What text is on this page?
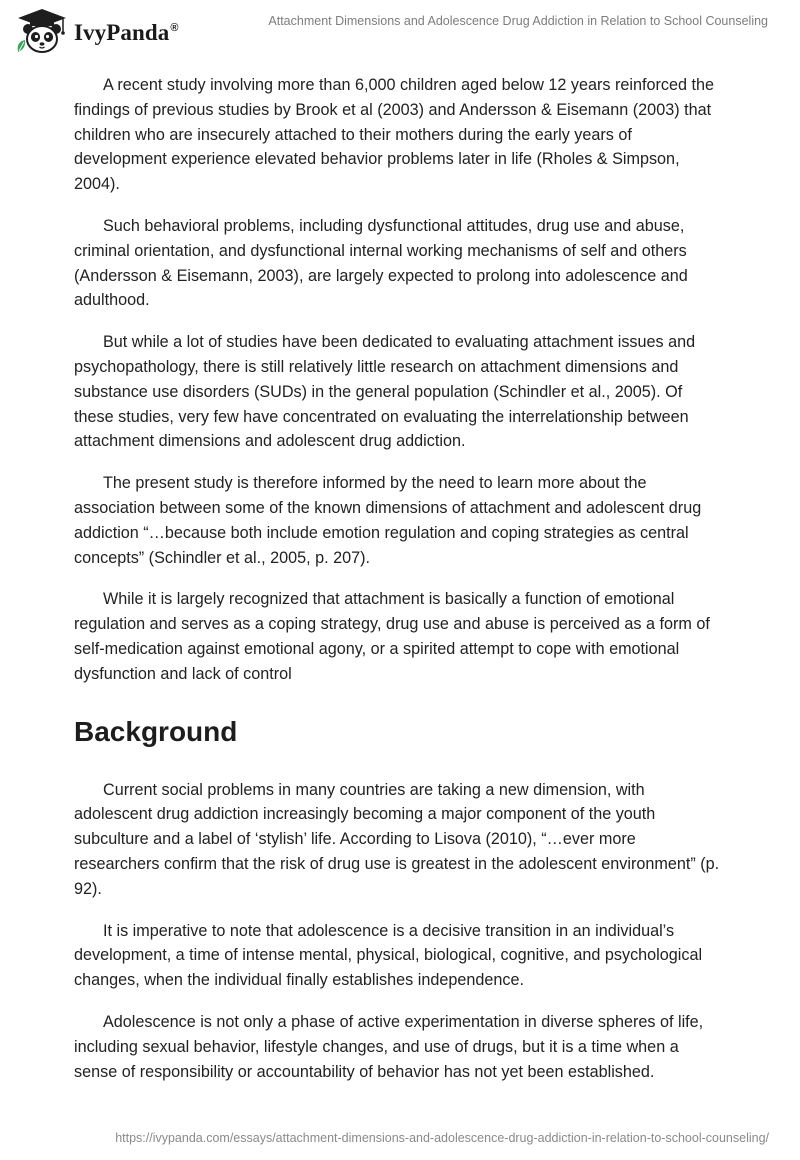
IvyPanda®
Attachment Dimensions and Adolescence Drug Addiction in Relation to School Counseling

A recent study involving more than 6,000 children aged below 12 years reinforced the findings of previous studies by Brook et al (2003) and Andersson & Eisemann (2003) that children who are insecurely attached to their mothers during the early years of development experience elevated behavior problems later in life (Rholes & Simpson, 2004).

Such behavioral problems, including dysfunctional attitudes, drug use and abuse, criminal orientation, and dysfunctional internal working mechanisms of self and others (Andersson & Eisemann, 2003), are largely expected to prolong into adolescence and adulthood.

But while a lot of studies have been dedicated to evaluating attachment issues and psychopathology, there is still relatively little research on attachment dimensions and substance use disorders (SUDs) in the general population (Schindler et al., 2005). Of these studies, very few have concentrated on evaluating the interrelationship between attachment dimensions and adolescent drug addiction.

The present study is therefore informed by the need to learn more about the association between some of the known dimensions of attachment and adolescent drug addiction “…because both include emotion regulation and coping strategies as central concepts” (Schindler et al., 2005, p. 207).

While it is largely recognized that attachment is basically a function of emotional regulation and serves as a coping strategy, drug use and abuse is perceived as a form of self-medication against emotional agony, or a spirited attempt to cope with emotional dysfunction and lack of control

Background

Current social problems in many countries are taking a new dimension, with adolescent drug addiction increasingly becoming a major component of the youth subculture and a label of ‘stylish’ life. According to Lisova (2010), “…ever more researchers confirm that the risk of drug use is greatest in the adolescent environment” (p. 92).

It is imperative to note that adolescence is a decisive transition in an individual’s development, a time of intense mental, physical, biological, cognitive, and psychological changes, when the individual finally establishes independence.

Adolescence is not only a phase of active experimentation in diverse spheres of life, including sexual behavior, lifestyle changes, and use of drugs, but it is a time when a sense of responsibility or accountability of behavior has not yet been established.

https://ivypanda.com/essays/attachment-dimensions-and-adolescence-drug-addiction-in-relation-to-school-counseling/
